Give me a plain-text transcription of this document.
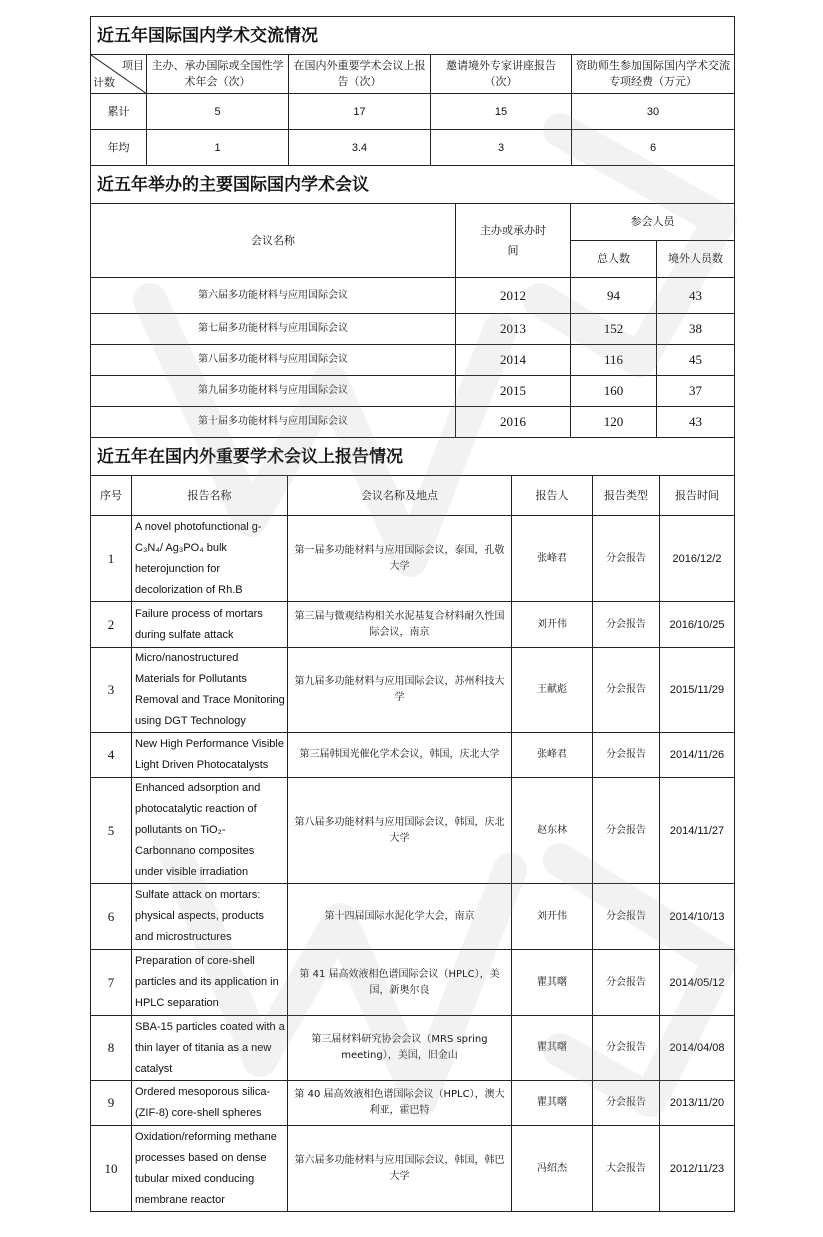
近五年国际国内学术交流情况				

项目
计数	主办、承办国际或全国性学术年会（次）	在国内外重要学术会议上报告（次）	邀请境外专家讲座报告（次）	资助师生参加国际国内学术交流专项经费（万元）
累计	5	17	15	30
年均	1	3.4	3	6
近五年举办的主要国际国内学术会议			
会议名称	主办或承办时间	参会人员	
		总人数	境外人员数
第六届多功能材料与应用国际会议	2012	94	43
第七届多功能材料与应用国际会议	2013	152	38
第八届多功能材料与应用国际会议	2014	116	45
第九届多功能材料与应用国际会议	2015	160	37
第十届多功能材料与应用国际会议	2016	120	43
近五年在国内外重要学术会议上报告情况					
序号	报告名称	会议名称及地点	报告人	报告类型	报告时间
1	A novel photofunctional g-C₃N₄/ Ag₃PO₄ bulk heterojunction for decolorization of Rh.B	第一届多功能材料与应用国际会议，泰国，孔敬大学	张峰君	分会报告	2016/12/2
2	Failure process of mortars during sulfate attack	第三届与微观结构相关水泥基复合材料耐久性国际会议，南京	刘开伟	分会报告	2016/10/25
3	Micro/nanostructured Materials for Pollutants Removal and Trace Monitoring using DGT Technology	第九届多功能材料与应用国际会议，苏州科技大学	王献彪	分会报告	2015/11/29
4	New High Performance Visible Light Driven Photocatalysts	第三届韩国光催化学术会议，韩国，庆北大学	张峰君	分会报告	2014/11/26
5	Enhanced adsorption and photocatalytic reaction of pollutants on TiO₂-Carbonnano composites under visible irradiation	第八届多功能材料与应用国际会议，韩国，庆北大学	赵东林	分会报告	2014/11/27
6	Sulfate attack on mortars: physical aspects, products and microstructures	第十四届国际水泥化学大会，南京	刘开伟	分会报告	2014/10/13
7	Preparation of core-shell particles and its application in HPLC separation	第 41 届高效液相色谱国际会议（HPLC），美国，新奥尔良	瞿其曙	分会报告	2014/05/12
8	SBA-15 particles coated with a thin layer of titania as a new catalyst	第三届材料研究协会会议（MRS spring meeting），美国，旧金山	瞿其曙	分会报告	2014/04/08
9	Ordered mesoporous silica-(ZIF-8) core-shell spheres	第 40 届高效液相色谱国际会议（HPLC），澳大利亚，霍巴特	瞿其曙	分会报告	2013/11/20
10	Oxidation/reforming methane processes based on dense tubular mixed conducing membrane reactor	第六届多功能材料与应用国际会议，韩国，韩巴大学	冯绍杰	大会报告	2012/11/23
